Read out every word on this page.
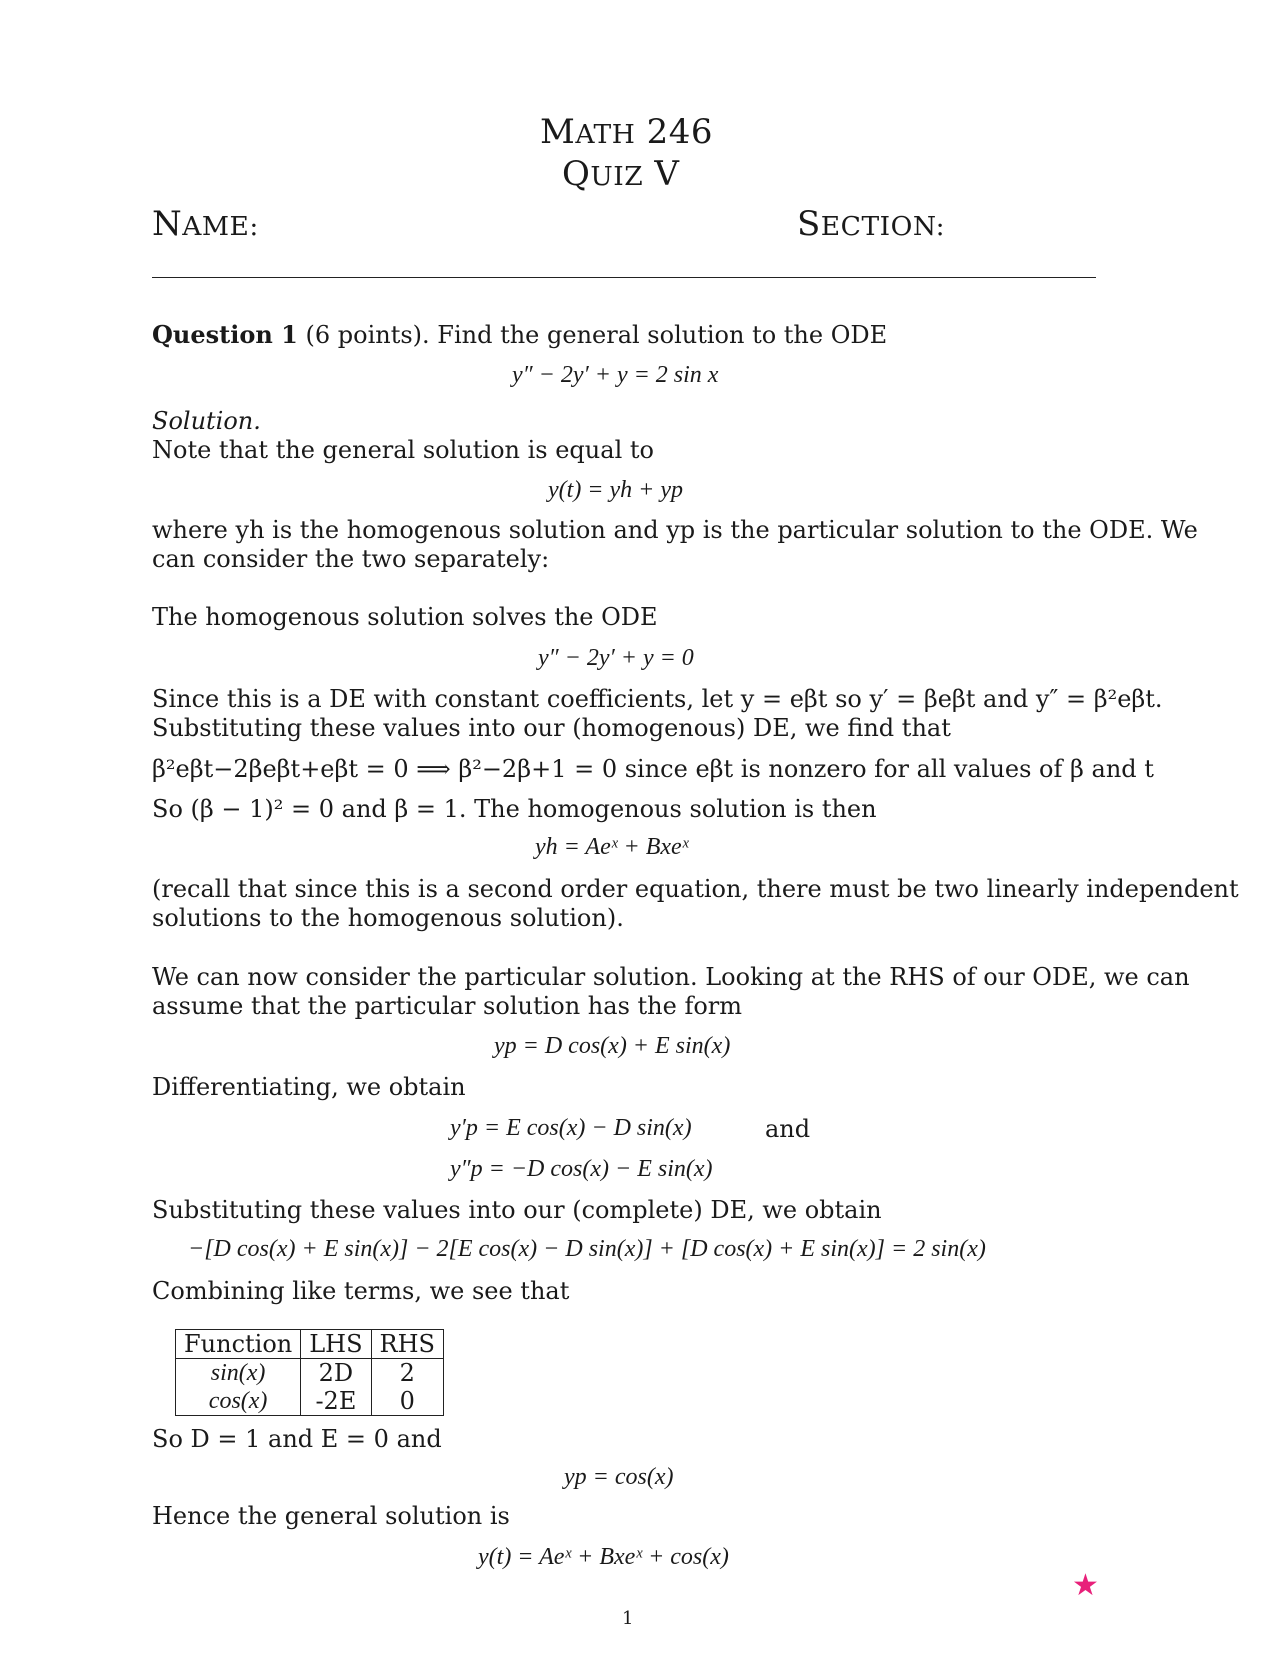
MATH 246
QUIZ V
NAME:	SECTION:
Question 1 (6 points). Find the general solution to the ODE
y″ − 2y′ + y = 2 sin x
Solution.
Note that the general solution is equal to
y(t) = yh + yp
where yh is the homogenous solution and yp is the particular solution to the ODE. We
can consider the two separately:
The homogenous solution solves the ODE
y″ − 2y′ + y = 0
Since this is a DE with constant coefficients, let y = eβt so y′ = βeβt and y″ = β²eβt.
Substituting these values into our (homogenous) DE, we find that
β²eβt−2βeβt+eβt = 0 ⟹ β²−2β+1 = 0 since eβt is nonzero for all values of β and t
So (β − 1)² = 0 and β = 1. The homogenous solution is then
yh = Aeˣ + Bxeˣ
(recall that since this is a second order equation, there must be two linearly independent
solutions to the homogenous solution).
We can now consider the particular solution. Looking at the RHS of our ODE, we can
assume that the particular solution has the form
yp = D cos(x) + E sin(x)
Differentiating, we obtain
y′p = E cos(x) − D sin(x)	and
y″p = −D cos(x) − E sin(x)
Substituting these values into our (complete) DE, we obtain
−[D cos(x) + E sin(x)] − 2[E cos(x) − D sin(x)] + [D cos(x) + E sin(x)] = 2 sin(x)
Combining like terms, we see that
Function	LHS	RHS
sin(x)	2D	2
cos(x)	-2E	0
So D = 1 and E = 0 and
yp = cos(x)
Hence the general solution is
y(t) = Aeˣ + Bxeˣ + cos(x)
★
1
